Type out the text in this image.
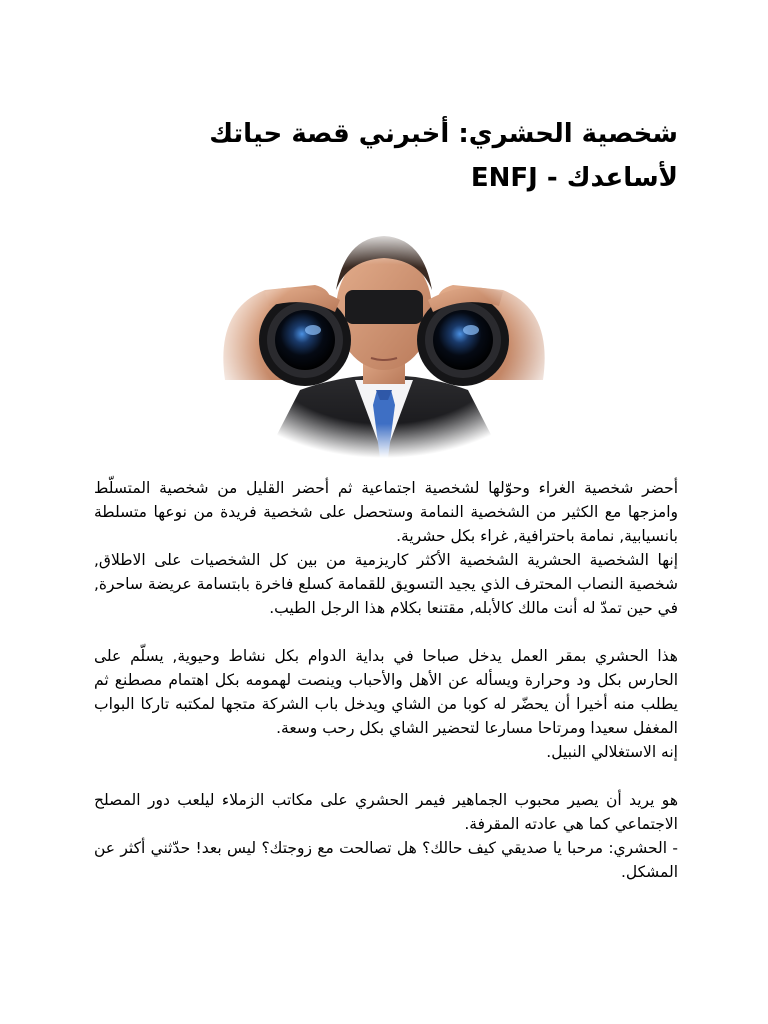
شخصية الحشري: أخبرني قصة حياتك
لأساعدك - ENFJ

أحضر شخصية الغراء وحوّلها لشخصية اجتماعية ثم أحضر القليل من شخصية المتسلّط وامزجها مع الكثير من الشخصية النمامة وستحصل على شخصية فريدة من نوعها متسلطة بانسيابية, نمامة باحترافية, غراء بكل حشرية.

إنها الشخصية الحشرية الشخصية الأكثر كاريزمية من بين كل الشخصيات على الاطلاق, شخصية النصاب المحترف الذي يجيد التسويق للقمامة كسلع فاخرة بابتسامة عريضة ساحرة, في حين تمدّ له أنت مالك كالأبله, مقتنعا بكلام هذا الرجل الطيب.

هذا الحشري بمقر العمل يدخل صباحا في بداية الدوام بكل نشاط وحيوية, يسلّم على الحارس بكل ود وحرارة ويسأله عن الأهل والأحباب وينصت لهمومه بكل اهتمام مصطنع ثم يطلب منه أخيرا أن يحضّر له كوبا من الشاي ويدخل باب الشركة متجها لمكتبه تاركا البواب المغفل سعيدا ومرتاحا مسارعا لتحضير الشاي بكل رحب وسعة.

إنه الاستغلالي النبيل.

هو يريد أن يصير محبوب الجماهير فيمر الحشري على مكاتب الزملاء ليلعب دور المصلح الاجتماعي كما هي عادته المقرفة.

- الحشري: مرحبا يا صديقي كيف حالك؟ هل تصالحت مع زوجتك؟ ليس بعد! حدّثني أكثر عن المشكل.
